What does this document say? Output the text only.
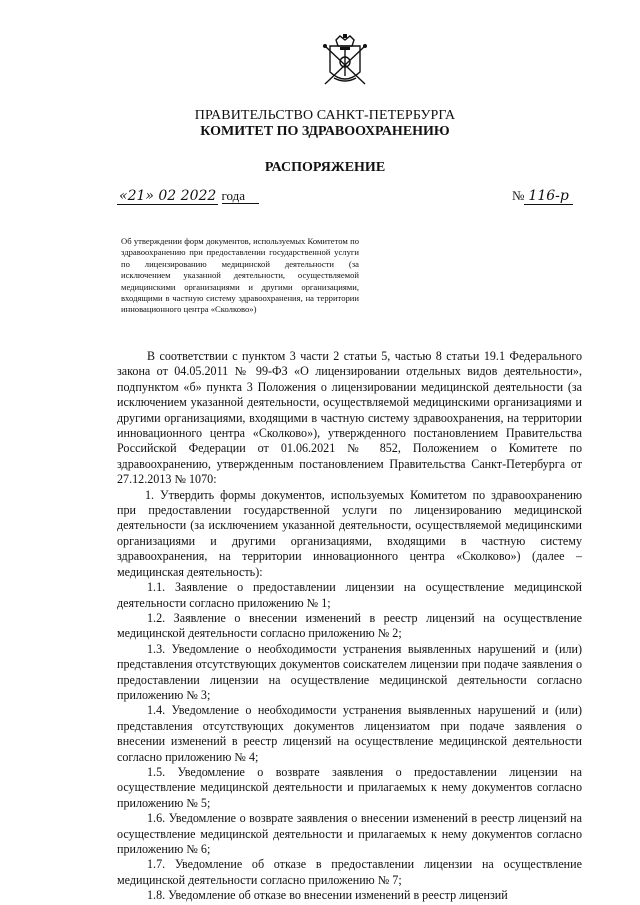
ПРАВИТЕЛЬСТВО САНКТ-ПЕТЕРБУРГА
КОМИТЕТ ПО ЗДРАВООХРАНЕНИЮ
РАСПОРЯЖЕНИЕ
«21» 02 2022 года	№ 116-р
Об утверждении форм документов, используемых Комитетом по здравоохранению при предоставлении государственной услуги по лицензированию медицинской деятельности (за исключением указанной деятельности, осуществляемой медицинскими организациями и другими организациями, входящими в частную систему здравоохранения, на территории инновационного центра «Сколково»)

В соответствии с пунктом 3 части 2 статьи 5, частью 8 статьи 19.1 Федерального закона от 04.05.2011 № 99-ФЗ «О лицензировании отдельных видов деятельности», подпунктом «б» пункта 3 Положения о лицензировании медицинской деятельности (за исключением указанной деятельности, осуществляемой медицинскими организациями и другими организациями, входящими в частную систему здравоохранения, на территории инновационного центра «Сколково»), утвержденного постановлением Правительства Российской Федерации от 01.06.2021 № 852, Положением о Комитете по здравоохранению, утвержденным постановлением Правительства Санкт-Петербурга от 27.12.2013 № 1070:

1. Утвердить формы документов, используемых Комитетом по здравоохранению при предоставлении государственной услуги по лицензированию медицинской деятельности (за исключением указанной деятельности, осуществляемой медицинскими организациями и другими организациями, входящими в частную систему здравоохранения, на территории инновационного центра «Сколково») (далее – медицинская деятельность):

1.1. Заявление о предоставлении лицензии на осуществление медицинской деятельности согласно приложению № 1;

1.2. Заявление о внесении изменений в реестр лицензий на осуществление медицинской деятельности согласно приложению № 2;

1.3. Уведомление о необходимости устранения выявленных нарушений и (или) представления отсутствующих документов соискателем лицензии при подаче заявления о предоставлении лицензии на осуществление медицинской деятельности согласно приложению № 3;

1.4. Уведомление о необходимости устранения выявленных нарушений и (или) представления отсутствующих документов лицензиатом при подаче заявления о внесении изменений в реестр лицензий на осуществление медицинской деятельности согласно приложению № 4;

1.5. Уведомление о возврате заявления о предоставлении лицензии на осуществление медицинской деятельности и прилагаемых к нему документов согласно приложению № 5;

1.6. Уведомление о возврате заявления о внесении изменений в реестр лицензий на осуществление медицинской деятельности и прилагаемых к нему документов согласно приложению № 6;

1.7. Уведомление об отказе в предоставлении лицензии на осуществление медицинской деятельности согласно приложению № 7;

1.8. Уведомление об отказе во внесении изменений в реестр лицензий
